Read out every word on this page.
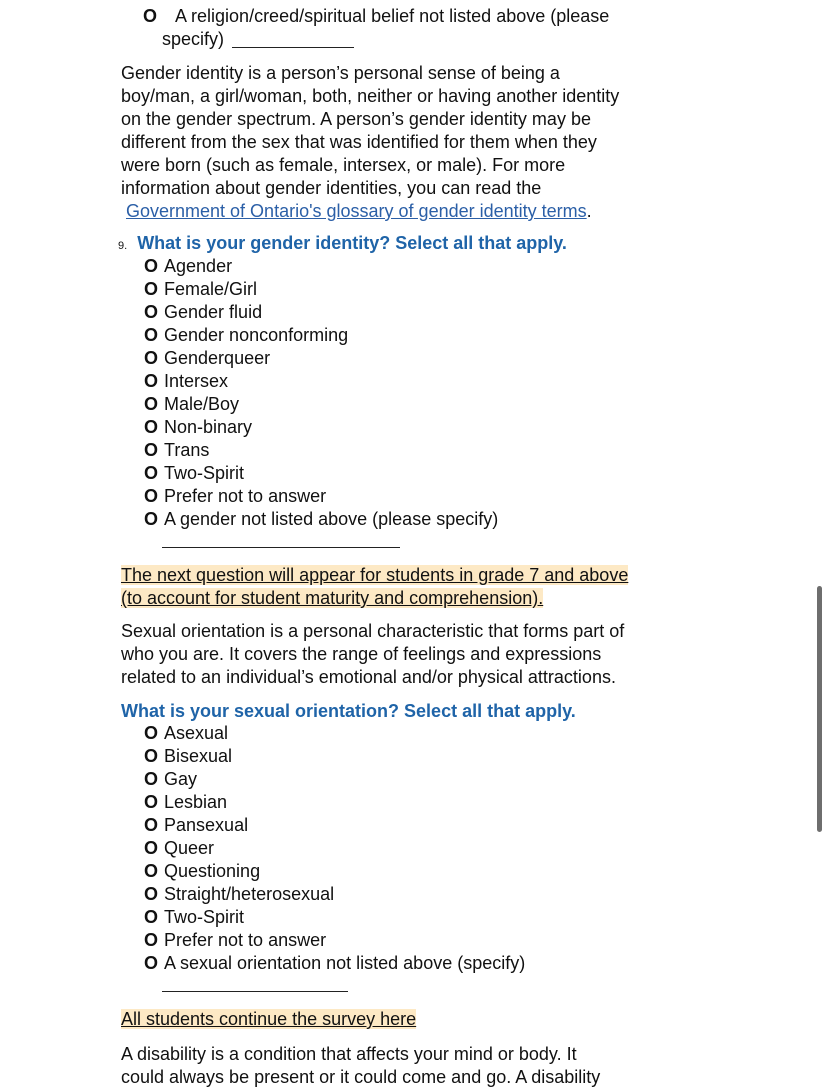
O A religion/creed/spiritual belief not listed above (please
specify)
Gender identity is a person’s personal sense of being a
boy/man, a girl/woman, both, neither or having another identity
on the gender spectrum. A person’s gender identity may be
different from the sex that was identified for them when they
were born (such as female, intersex, or male). For more
information about gender identities, you can read the
Government of Ontario's glossary of gender identity terms.
9. What is your gender identity? Select all that apply.
O Agender
O Female/Girl
O Gender fluid
O Gender nonconforming
O Genderqueer
O Intersex
O Male/Boy
O Non-binary
O Trans
O Two-Spirit
O Prefer not to answer
O A gender not listed above (please specify)
The next question will appear for students in grade 7 and above
(to account for student maturity and comprehension).
Sexual orientation is a personal characteristic that forms part of
who you are. It covers the range of feelings and expressions
related to an individual’s emotional and/or physical attractions.
What is your sexual orientation? Select all that apply.
O Asexual
O Bisexual
O Gay
O Lesbian
O Pansexual
O Queer
O Questioning
O Straight/heterosexual
O Two-Spirit
O Prefer not to answer
O A sexual orientation not listed above (specify)
All students continue the survey here
A disability is a condition that affects your mind or body. It
could always be present or it could come and go. A disability
